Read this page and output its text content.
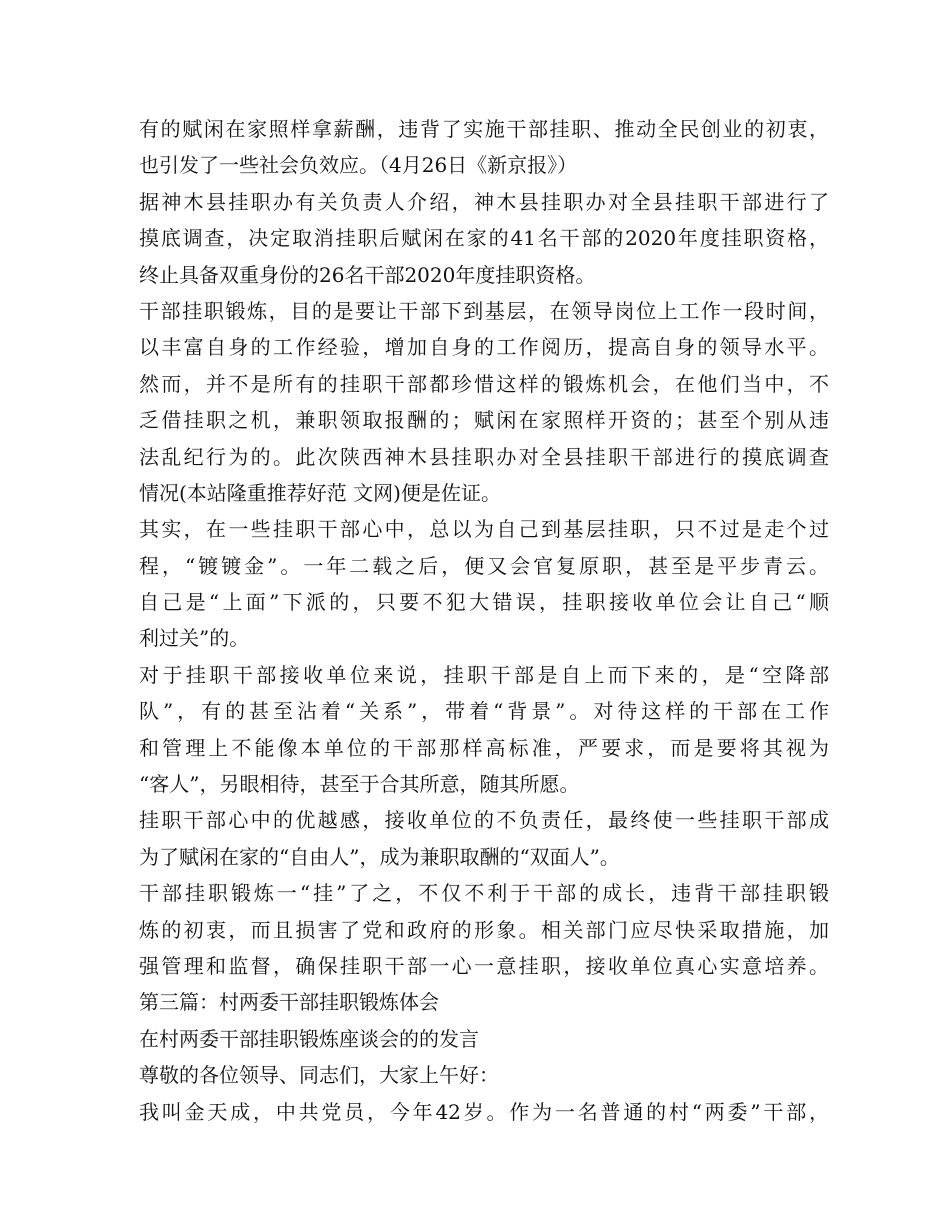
有的赋闲在家照样拿薪酬，违背了实施干部挂职、推动全民创业的初衷，
也引发了一些社会负效应。（4月26日《新京报》）
据神木县挂职办有关负责人介绍，神木县挂职办对全县挂职干部进行了
摸底调查，决定取消挂职后赋闲在家的41名干部的2020年度挂职资格，
终止具备双重身份的26名干部2020年度挂职资格。
干部挂职锻炼，目的是要让干部下到基层，在领导岗位上工作一段时间，
以丰富自身的工作经验，增加自身的工作阅历，提高自身的领导水平。
然而，并不是所有的挂职干部都珍惜这样的锻炼机会，在他们当中，不
乏借挂职之机，兼职领取报酬的；赋闲在家照样开资的；甚至个别从违
法乱纪行为的。此次陕西神木县挂职办对全县挂职干部进行的摸底调查
情况(本站隆重推荐好范 文网)便是佐证。
其实，在一些挂职干部心中，总以为自己到基层挂职，只不过是走个过
程，“镀镀金”。一年二载之后，便又会官复原职，甚至是平步青云。
自己是“上面”下派的，只要不犯大错误，挂职接收单位会让自己“顺
利过关”的。
对于挂职干部接收单位来说，挂职干部是自上而下来的，是“空降部
队”，有的甚至沾着“关系”，带着“背景”。对待这样的干部在工作
和管理上不能像本单位的干部那样高标准，严要求，而是要将其视为
“客人”，另眼相待，甚至于合其所意，随其所愿。
挂职干部心中的优越感，接收单位的不负责任，最终使一些挂职干部成
为了赋闲在家的“自由人”，成为兼职取酬的“双面人”。
干部挂职锻炼一“挂”了之，不仅不利于干部的成长，违背干部挂职锻
炼的初衷，而且损害了党和政府的形象。相关部门应尽快采取措施，加
强管理和监督，确保挂职干部一心一意挂职，接收单位真心实意培养。
第三篇：村两委干部挂职锻炼体会
在村两委干部挂职锻炼座谈会的的发言
尊敬的各位领导、同志们，大家上午好：
我叫金天成，中共党员，今年42岁。作为一名普通的村“两委”干部，
